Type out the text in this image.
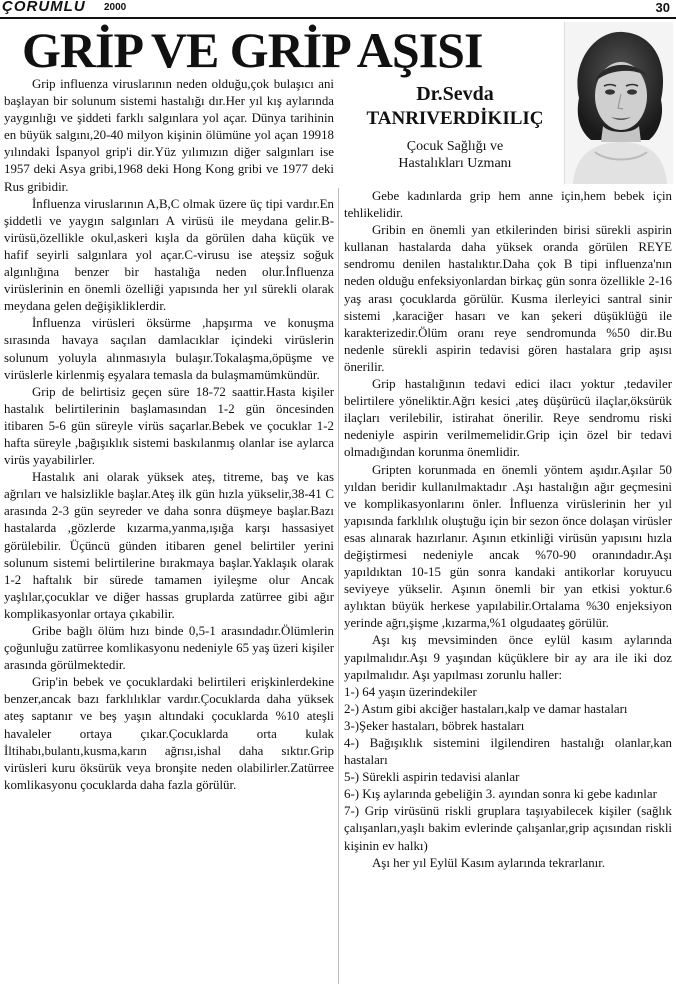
ÇORUMLU 2000	30
GRİP VE GRİP AŞISI
Dr.Sevda
TANRIVERDİKILIÇ
Çocuk Sağlığı ve
Hastalıkları Uzmanı

Grip influenza viruslarının neden olduğu,çok bulaşıcı ani başlayan bir solunum sistemi hastalığı dır.Her yıl kış aylarında yaygınlığı ve şiddeti farklı salgınlara yol açar. Dünya tarihinin en büyük salgını,20-40 milyon kişinin ölümüne yol açan 19918 yılındaki İspanyol grip'i dir.Yüz yılımızın diğer salgınları ise 1957 deki Asya gribi,1968 deki Hong Kong gribi ve 1977 deki Rus gribidir.

İnfluenza viruslarının A,B,C olmak üzere üç tipi vardır.En şiddetli ve yaygın salgınları A virüsü ile meydana gelir.B-virüsü,özellikle okul,askeri kışla da görülen daha küçük ve hafif seyirli salgınlara yol açar.C-virusu ise ateşsiz soğuk algınlığına benzer bir hastalığa neden olur.İnfluenza virüslerinin en önemli özelliği yapısında her yıl sürekli olarak meydana gelen değişikliklerdir.

İnfluenza virüsleri öksürme ,hapşırma ve konuşma sırasında havaya saçılan damlacıklar içindeki virüslerin solunum yoluyla alınmasıyla bulaşır.Tokalaşma,öpüşme ve virüslerle kirlenmiş eşyalara temasla da bulaşmamümkündür.

Grip de belirtisiz geçen süre 18-72 saattir.Hasta kişiler hastalık belirtilerinin başlamasından 1-2 gün öncesinden itibaren 5-6 gün süreyle virüs saçarlar.Bebek ve çocuklar 1-2 hafta süreyle ,bağışıklık sistemi baskılanmış olanlar ise aylarca virüs yayabilirler.

Hastalık ani olarak yüksek ateş, titreme, baş ve kas ağrıları ve halsizlikle başlar.Ateş ilk gün hızla yükselir,38-41 C arasında 2-3 gün seyreder ve daha sonra düşmeye başlar.Bazı hastalarda ,gözlerde kızarma,yanma,ışığa karşı hassasiyet görülebilir. Üçüncü günden itibaren genel belirtiler yerini solunum sistemi belirtilerine bırakmaya başlar.Yaklaşık olarak 1-2 haftalık bir sürede tamamen iyileşme olur Ancak yaşlılar,çocuklar ve diğer hassas gruplarda zatürree gibi ağır komplikasyonlar ortaya çıkabilir.

Gribe bağlı ölüm hızı binde 0,5-1 arasındadır.Ölümlerin çoğunluğu zatürree komlikasyonu nedeniyle 65 yaş üzeri kişiler arasında görülmektedir.

Grip'in bebek ve çocuklardaki belirtileri erişkinlerdekine benzer,ancak bazı farklılıklar vardır.Çocuklarda daha yüksek ateş saptanır ve beş yaşın altındaki çocuklarda %10 ateşli havaleler ortaya çıkar.Çocuklarda orta kulak İltihabı,bulantı,kusma,karın ağrısı,ishal daha sıktır.Grip virüsleri kuru öksürük veya bronşite neden olabilirler.Zatürree komlikasyonu çocuklarda daha fazla görülür.

Gebe kadınlarda grip hem anne için,hem bebek için tehlikelidir.

Gribin en önemli yan etkilerinden birisi sürekli aspirin kullanan hastalarda daha yüksek oranda görülen REYE sendromu denilen hastalıktır.Daha çok B tipi influenza'nın neden olduğu enfeksiyonlardan birkaç gün sonra özellikle 2-16 yaş arası çocuklarda görülür. Kusma ilerleyici santral sinir sistemi ,karaciğer hasarı ve kan şekeri düşüklüğü ile karakterizedir.Ölüm oranı reye sendromunda %50 dir.Bu nedenle sürekli aspirin tedavisi gören hastalara grip aşısı önerilir.

Grip hastalığının tedavi edici ilacı yoktur ,tedaviler belirtilere yöneliktir.Ağrı kesici ,ateş düşürücü ilaçlar,öksürük ilaçları verilebilir, istirahat önerilir. Reye sendromu riski nedeniyle aspirin verilmemelidir.Grip için özel bir tedavi olmadığından korunma önemlidir.

Gripten korunmada en önemli yöntem aşıdır.Aşılar 50 yıldan beridir kullanılmaktadır .Aşı hastalığın ağır geçmesini ve komplikasyonlarını önler. İnfluenza virüslerinin her yıl yapısında farklılık oluştuğu için bir sezon önce dolaşan virüsler esas alınarak hazırlanır. Aşının etkinliği virüsün yapısını hızla değiştirmesi nedeniyle ancak %70-90 oranındadır.Aşı yapıldıktan 10-15 gün sonra kandaki antikorlar koruyucu seviyeye yükselir. Aşının önemli bir yan etkisi yoktur.6 aylıktan büyük herkese yapılabilir.Ortalama %30 enjeksiyon yerinde ağrı,şişme ,kızarma,%1 olgudaateş görülür.

Aşı kış mevsiminden önce eylül kasım aylarında yapılmalıdır.Aşı 9 yaşından küçüklere bir ay ara ile iki doz yapılmalıdır. Aşı yapılması zorunlu haller:

1-) 64 yaşın üzerindekiler

2-) Astım gibi akciğer hastaları,kalp ve damar hastaları

3-)Şeker hastaları, böbrek hastaları

4-) Bağışıklık sistemini ilgilendiren hastalığı olanlar,kan hastaları

5-) Sürekli aspirin tedavisi alanlar

6-) Kış aylarında gebeliğin 3. ayından sonra ki gebe kadınlar

7-) Grip virüsünü riskli gruplara taşıyabilecek kişiler (sağlık çalışanları,yaşlı bakim evlerinde çalışanlar,grip açısından riskli kişinin ev halkı)

Aşı her yıl Eylül Kasım aylarında tekrarlanır.
